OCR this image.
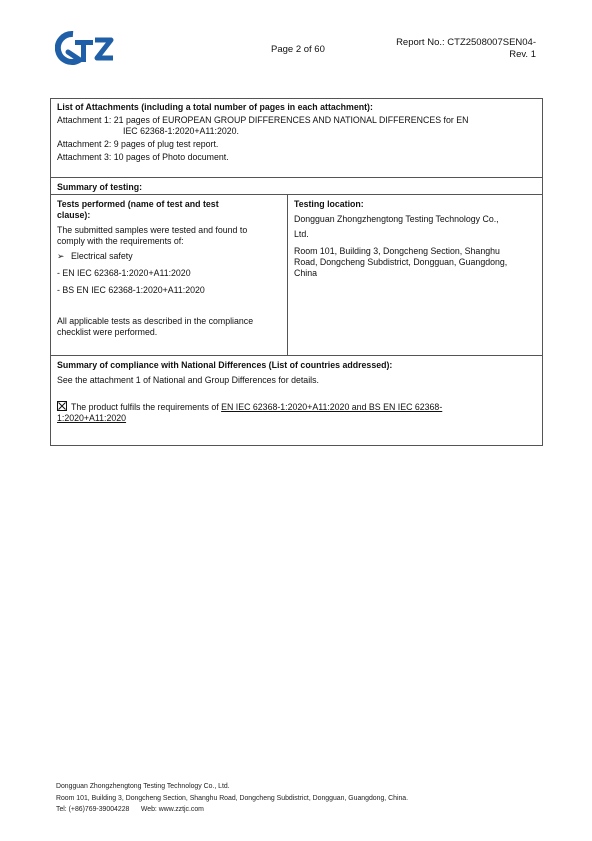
Page 2 of 60
Report No.: CTZ2508007SEN04-
Rev. 1
List of Attachments (including a total number of pages in each attachment):
Attachment 1: 21 pages of EUROPEAN GROUP DIFFERENCES AND NATIONAL DIFFERENCES for EN
IEC 62368-1:2020+A11:2020.
Attachment 2: 9 pages of plug test report.
Attachment 3: 10 pages of Photo document.
Summary of testing:
Tests performed (name of test and test
clause):
The submitted samples were tested and found to
comply with the requirements of:
➢ Electrical safety
- EN IEC 62368-1:2020+A11:2020
- BS EN IEC 62368-1:2020+A11:2020
All applicable tests as described in the compliance
checklist were performed.
Testing location:
Dongguan Zhongzhengtong Testing Technology Co.,
Ltd.
Room 101, Building 3, Dongcheng Section, Shanghu
Road, Dongcheng Subdistrict, Dongguan, Guangdong,
China
Summary of compliance with National Differences (List of countries addressed):
See the attachment 1 of National and Group Differences for details.
The product fulfils the requirements of EN IEC 62368-1:2020+A11:2020 and BS EN IEC 62368-
1:2020+A11:2020
Dongguan Zhongzhengtong Testing Technology Co., Ltd.
Room 101, Building 3, Dongcheng Section, Shanghu Road, Dongcheng Subdistrict, Dongguan, Guangdong, China.
Tel: (+86)769-39004228 Web: www.zztjc.com
